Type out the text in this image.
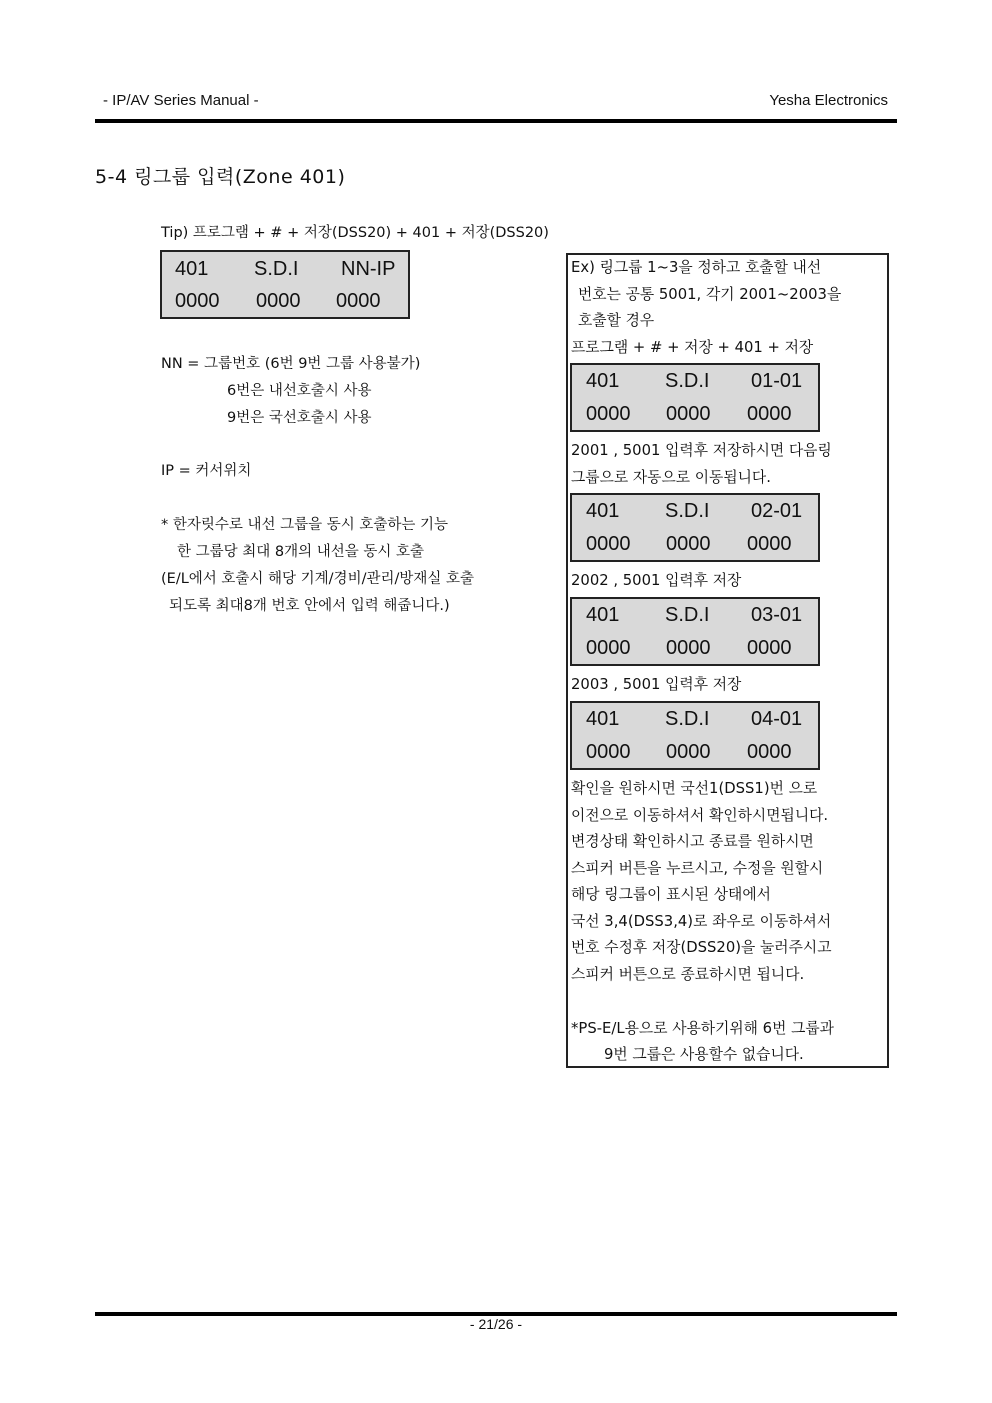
- IP/AV Series Manual -	Yesha Electronics
5-4 링그룹 입력(Zone 401)
Tip) 프로그램 + # + 저장(DSS20) + 401 + 저장(DSS20)
401 S.D.I NN-IP
0000 0000 0000
NN = 그룹번호 (6번 9번 그룹 사용불가)
6번은 내선호출시 사용
9번은 국선호출시 사용
IP = 커서위치
* 한자릿수로 내선 그룹을 동시 호출하는 기능
한 그룹당 최대 8개의 내선을 동시 호출
(E/L에서 호출시 해당 기계/경비/관리/방재실 호출
되도록 최대8개 번호 안에서 입력 해줍니다.)
Ex) 링그룹 1~3을 정하고 호출할 내선
번호는 공통 5001, 각기 2001~2003을
호출할 경우
프로그램 + # + 저장 + 401 + 저장
401 S.D.I 01-01
0000 0000 0000
2001 , 5001 입력후 저장하시면 다음링
그룹으로 자동으로 이동됩니다.
401 S.D.I 02-01
0000 0000 0000
2002 , 5001 입력후 저장
401 S.D.I 03-01
0000 0000 0000
2003 , 5001 입력후 저장
401 S.D.I 04-01
0000 0000 0000
확인을 원하시면 국선1(DSS1)번 으로
이전으로 이동하셔서 확인하시면됩니다.
변경상태 확인하시고 종료를 원하시면
스피커 버튼을 누르시고, 수정을 원할시
해당 링그룹이 표시된 상태에서
국선 3,4(DSS3,4)로 좌우로 이동하셔서
번호 수정후 저장(DSS20)을 눌러주시고
스피커 버튼으로 종료하시면 됩니다.
*PS-E/L용으로 사용하기위해 6번 그룹과
9번 그룹은 사용할수 없습니다.
- 21/26 -
